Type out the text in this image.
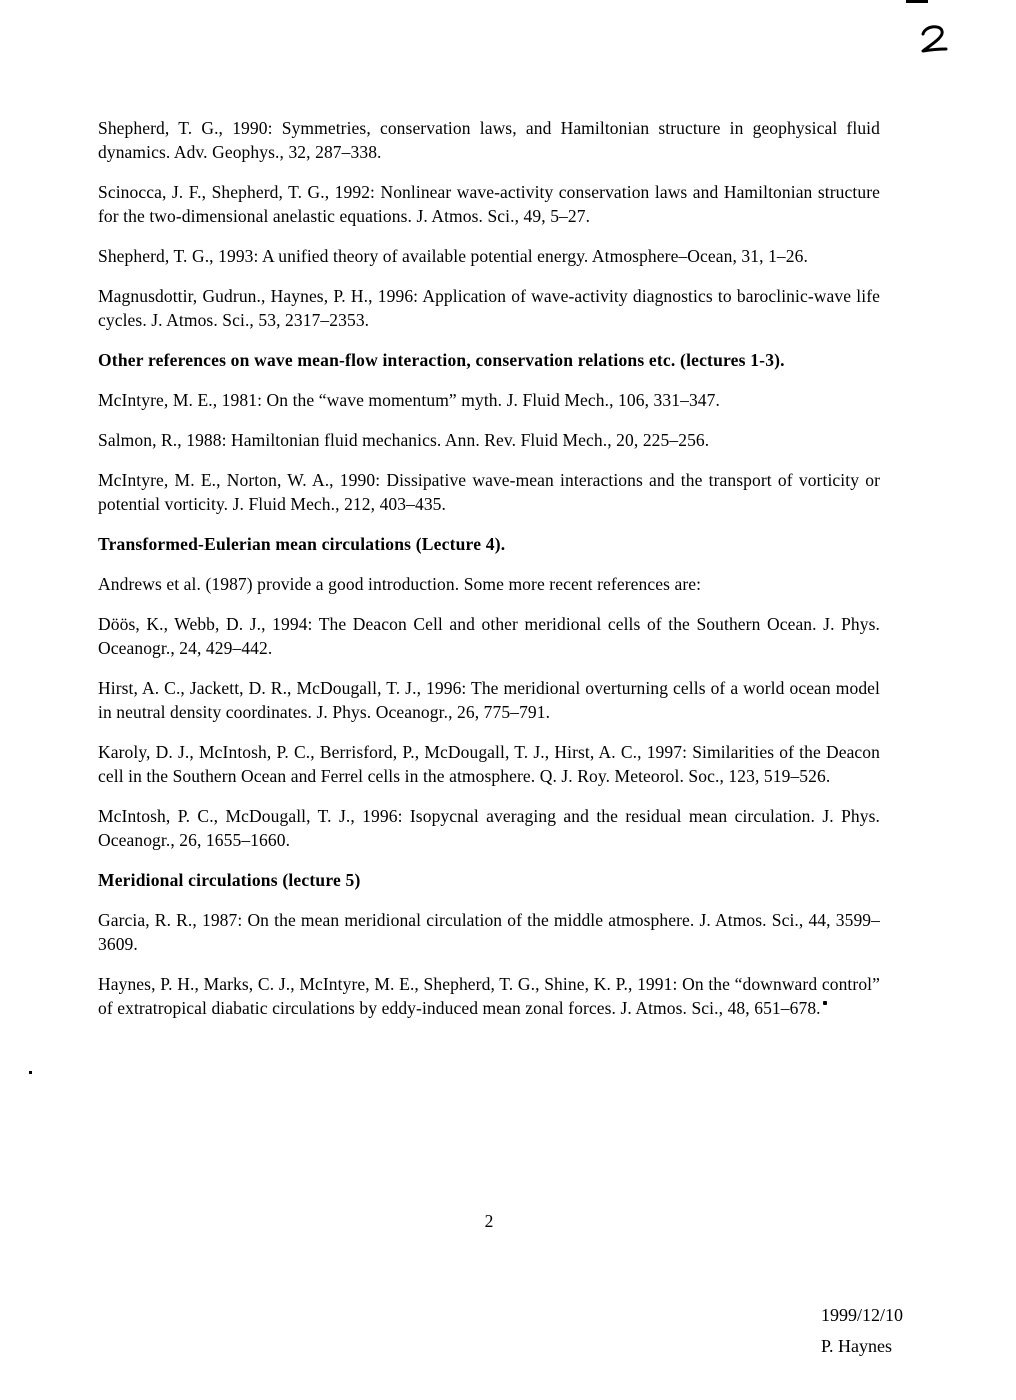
Shepherd, T. G., 1990: Symmetries, conservation laws, and Hamiltonian structure in geophysical fluid dynamics. Adv. Geophys., 32, 287–338.

Scinocca, J. F., Shepherd, T. G., 1992: Nonlinear wave-activity conservation laws and Hamiltonian structure for the two-dimensional anelastic equations. J. Atmos. Sci., 49, 5–27.

Shepherd, T. G., 1993: A unified theory of available potential energy. Atmosphere–Ocean, 31, 1–26.

Magnusdottir, Gudrun., Haynes, P. H., 1996: Application of wave-activity diagnostics to baroclinic-wave life cycles. J. Atmos. Sci., 53, 2317–2353.

Other references on wave mean-flow interaction, conservation relations etc. (lectures 1-3).

McIntyre, M. E., 1981: On the “wave momentum” myth. J. Fluid Mech., 106, 331–347.

Salmon, R., 1988: Hamiltonian fluid mechanics. Ann. Rev. Fluid Mech., 20, 225–256.

McIntyre, M. E., Norton, W. A., 1990: Dissipative wave-mean interactions and the transport of vorticity or potential vorticity. J. Fluid Mech., 212, 403–435.

Transformed-Eulerian mean circulations (Lecture 4).

Andrews et al. (1987) provide a good introduction. Some more recent references are:

Döös, K., Webb, D. J., 1994: The Deacon Cell and other meridional cells of the Southern Ocean. J. Phys. Oceanogr., 24, 429–442.

Hirst, A. C., Jackett, D. R., McDougall, T. J., 1996: The meridional overturning cells of a world ocean model in neutral density coordinates. J. Phys. Oceanogr., 26, 775–791.

Karoly, D. J., McIntosh, P. C., Berrisford, P., McDougall, T. J., Hirst, A. C., 1997: Similarities of the Deacon cell in the Southern Ocean and Ferrel cells in the atmosphere. Q. J. Roy. Meteorol. Soc., 123, 519–526.

McIntosh, P. C., McDougall, T. J., 1996: Isopycnal averaging and the residual mean circulation. J. Phys. Oceanogr., 26, 1655–1660.

Meridional circulations (lecture 5)

Garcia, R. R., 1987: On the mean meridional circulation of the middle atmosphere. J. Atmos. Sci., 44, 3599–3609.

Haynes, P. H., Marks, C. J., McIntyre, M. E., Shepherd, T. G., Shine, K. P., 1991: On the “downward control” of extratropical diabatic circulations by eddy-induced mean zonal forces. J. Atmos. Sci., 48, 651–678.

2
1999/12/10
P. Haynes
